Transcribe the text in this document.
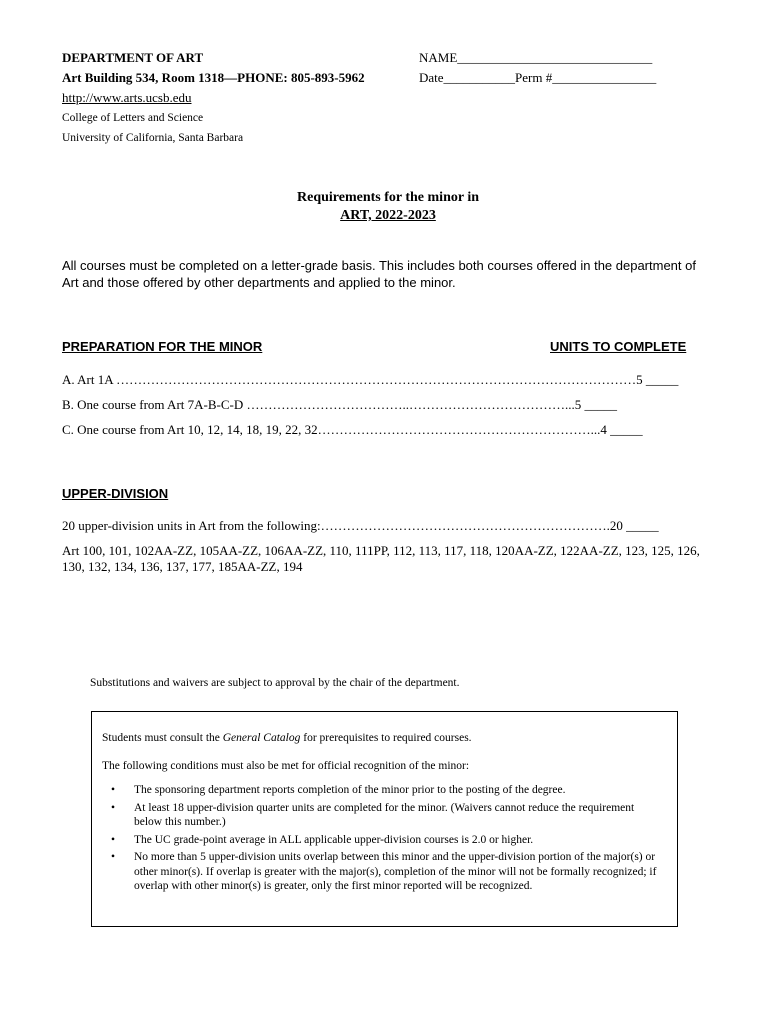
DEPARTMENT OF ART
Art Building 534, Room 1318—PHONE: 805-893-5962
http://www.arts.ucsb.edu
College of Letters and Science
University of California, Santa Barbara
NAME______________________________
Date___________Perm #________________
Requirements for the minor in
ART, 2022-2023
All courses must be completed on a letter-grade basis. This includes both courses offered in the department of Art and those offered by other departments and applied to the minor.
PREPARATION FOR THE MINOR	UNITS TO COMPLETE
A. Art 1A …………………………………………………………………………………………………………5 _____
B. One course from Art 7A-B-C-D ………………………………..………………………………...5 _____
C. One course from Art 10, 12, 14, 18, 19, 22, 32………………………………………………………...4 _____
UPPER-DIVISION
20 upper-division units in Art from the following:………………………………………………………….20 _____
Art 100, 101, 102AA-ZZ, 105AA-ZZ, 106AA-ZZ, 110, 111PP, 112, 113, 117, 118, 120AA-ZZ, 122AA-ZZ, 123, 125, 126, 130, 132, 134, 136, 137, 177, 185AA-ZZ, 194
Substitutions and waivers are subject to approval by the chair of the department.
Students must consult the General Catalog for prerequisites to required courses.
The following conditions must also be met for official recognition of the minor:
• The sponsoring department reports completion of the minor prior to the posting of the degree.
• At least 18 upper-division quarter units are completed for the minor. (Waivers cannot reduce the requirement below this number.)
• The UC grade-point average in ALL applicable upper-division courses is 2.0 or higher.
• No more than 5 upper-division units overlap between this minor and the upper-division portion of the major(s) or other minor(s). If overlap is greater with the major(s), completion of the minor will not be formally recognized; if overlap with other minor(s) is greater, only the first minor reported will be recognized.
